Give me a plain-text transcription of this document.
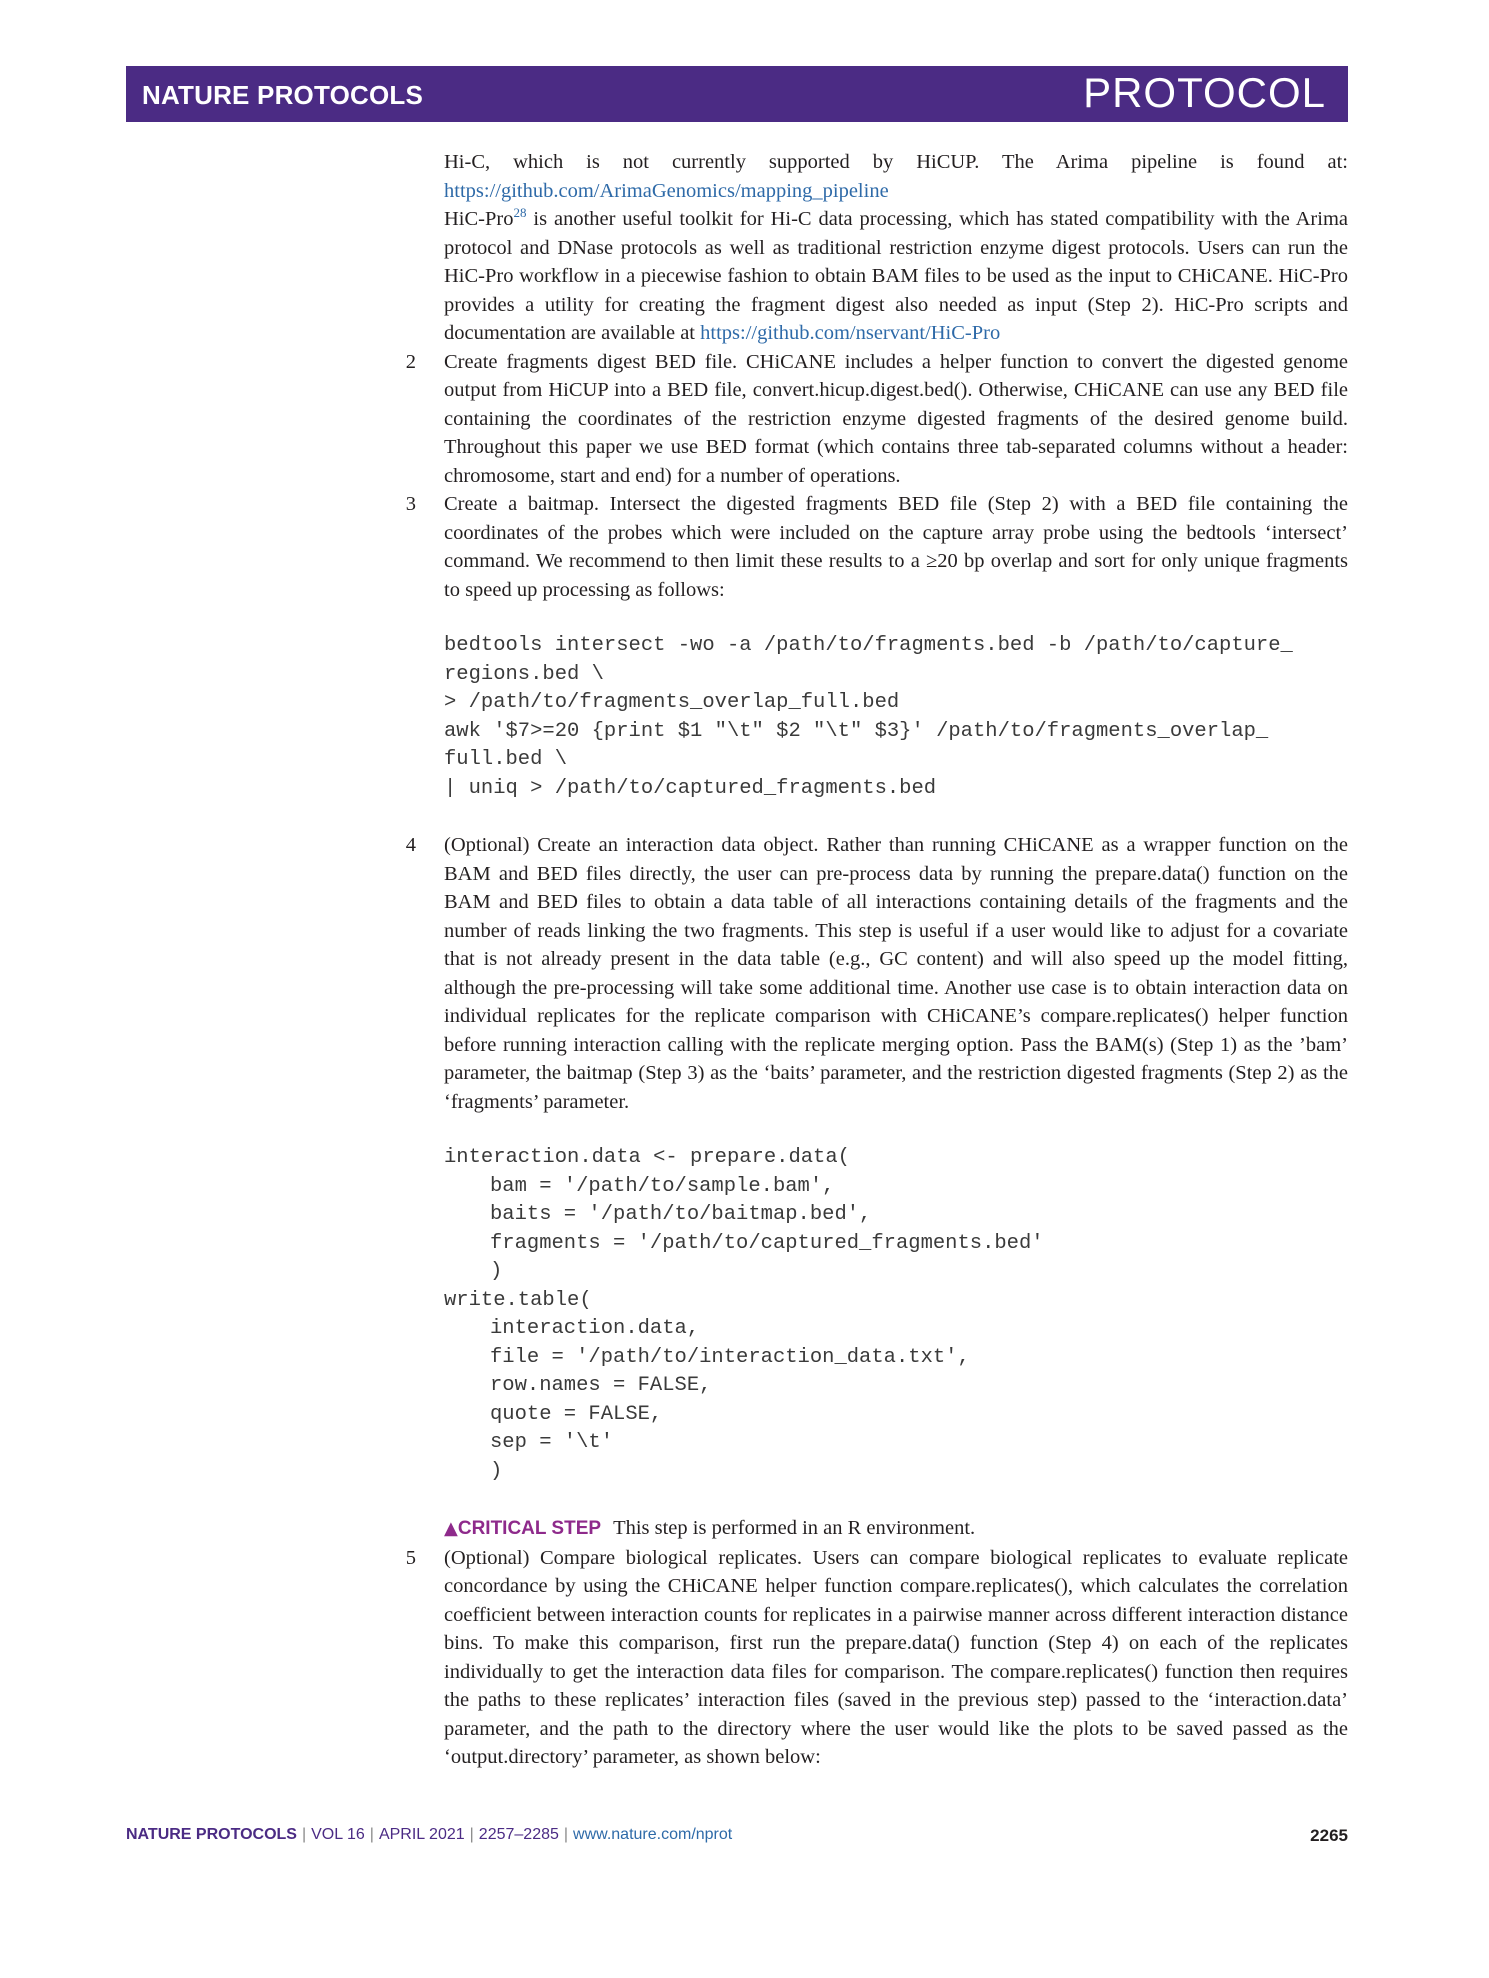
NATURE PROTOCOLS	PROTOCOL

Hi-C, which is not currently supported by HiCUP. The Arima pipeline is found at: https://github.com/ArimaGenomics/mapping_pipeline

HiC-Pro$^{28}$ is another useful toolkit for Hi-C data processing, which has stated compatibility with the Arima protocol and DNase protocols as well as traditional restriction enzyme digest protocols. Users can run the HiC-Pro workflow in a piecewise fashion to obtain BAM files to be used as the input to CHiCANE. HiC-Pro provides a utility for creating the fragment digest also needed as input (Step 2). HiC-Pro scripts and documentation are available at https://github.com/nservant/HiC-Pro

2 Create fragments digest BED file. CHiCANE includes a helper function to convert the digested genome output from HiCUP into a BED file, convert.hicup.digest.bed(). Otherwise, CHiCANE can use any BED file containing the coordinates of the restriction enzyme digested fragments of the desired genome build. Throughout this paper we use BED format (which contains three tab-separated columns without a header: chromosome, start and end) for a number of operations.

3 Create a baitmap. Intersect the digested fragments BED file (Step 2) with a BED file containing the coordinates of the probes which were included on the capture array probe using the bedtools ‘intersect’ command. We recommend to then limit these results to a ≥20 bp overlap and sort for only unique fragments to speed up processing as follows:

bedtools intersect -wo -a /path/to/fragments.bed -b /path/to/capture_
regions.bed \
> /path/to/fragments_overlap_full.bed
awk '$7>=20 {print $1 "\t" $2 "\t" $3}' /path/to/fragments_overlap_
full.bed \
| uniq > /path/to/captured_fragments.bed
4 (Optional) Create an interaction data object. Rather than running CHiCANE as a wrapper function on the BAM and BED files directly, the user can pre-process data by running the prepare.data() function on the BAM and BED files to obtain a data table of all interactions containing details of the fragments and the number of reads linking the two fragments. This step is useful if a user would like to adjust for a covariate that is not already present in the data table (e.g., GC content) and will also speed up the model fitting, although the pre-processing will take some additional time. Another use case is to obtain interaction data on individual replicates for the replicate comparison with CHiCANE’s compare.replicates() helper function before running interaction calling with the replicate merging option. Pass the BAM(s) (Step 1) as the ’bam’ parameter, the baitmap (Step 3) as the ‘baits’ parameter, and the restriction digested fragments (Step 2) as the ‘fragments’ parameter.

interaction.data <- prepare.data(
bam = '/path/to/sample.bam',
baits = '/path/to/baitmap.bed',
fragments = '/path/to/captured_fragments.bed'
)
write.table(
interaction.data,
file = '/path/to/interaction_data.txt',
row.names = FALSE,
quote = FALSE,
sep = '\t'
)

▲CRITICAL STEP This step is performed in an R environment.

5 (Optional) Compare biological replicates. Users can compare biological replicates to evaluate replicate concordance by using the CHiCANE helper function compare.replicates(), which calculates the correlation coefficient between interaction counts for replicates in a pairwise manner across different interaction distance bins. To make this comparison, first run the prepare.data() function (Step 4) on each of the replicates individually to get the interaction data files for comparison. The compare.replicates() function then requires the paths to these replicates’ interaction files (saved in the previous step) passed to the ‘interaction.data’ parameter, and the path to the directory where the user would like the plots to be saved passed as the ‘output.directory’ parameter, as shown below:

NATURE PROTOCOLS | VOL 16 | APRIL 2021 | 2257–2285 | www.nature.com/nprot	2265
